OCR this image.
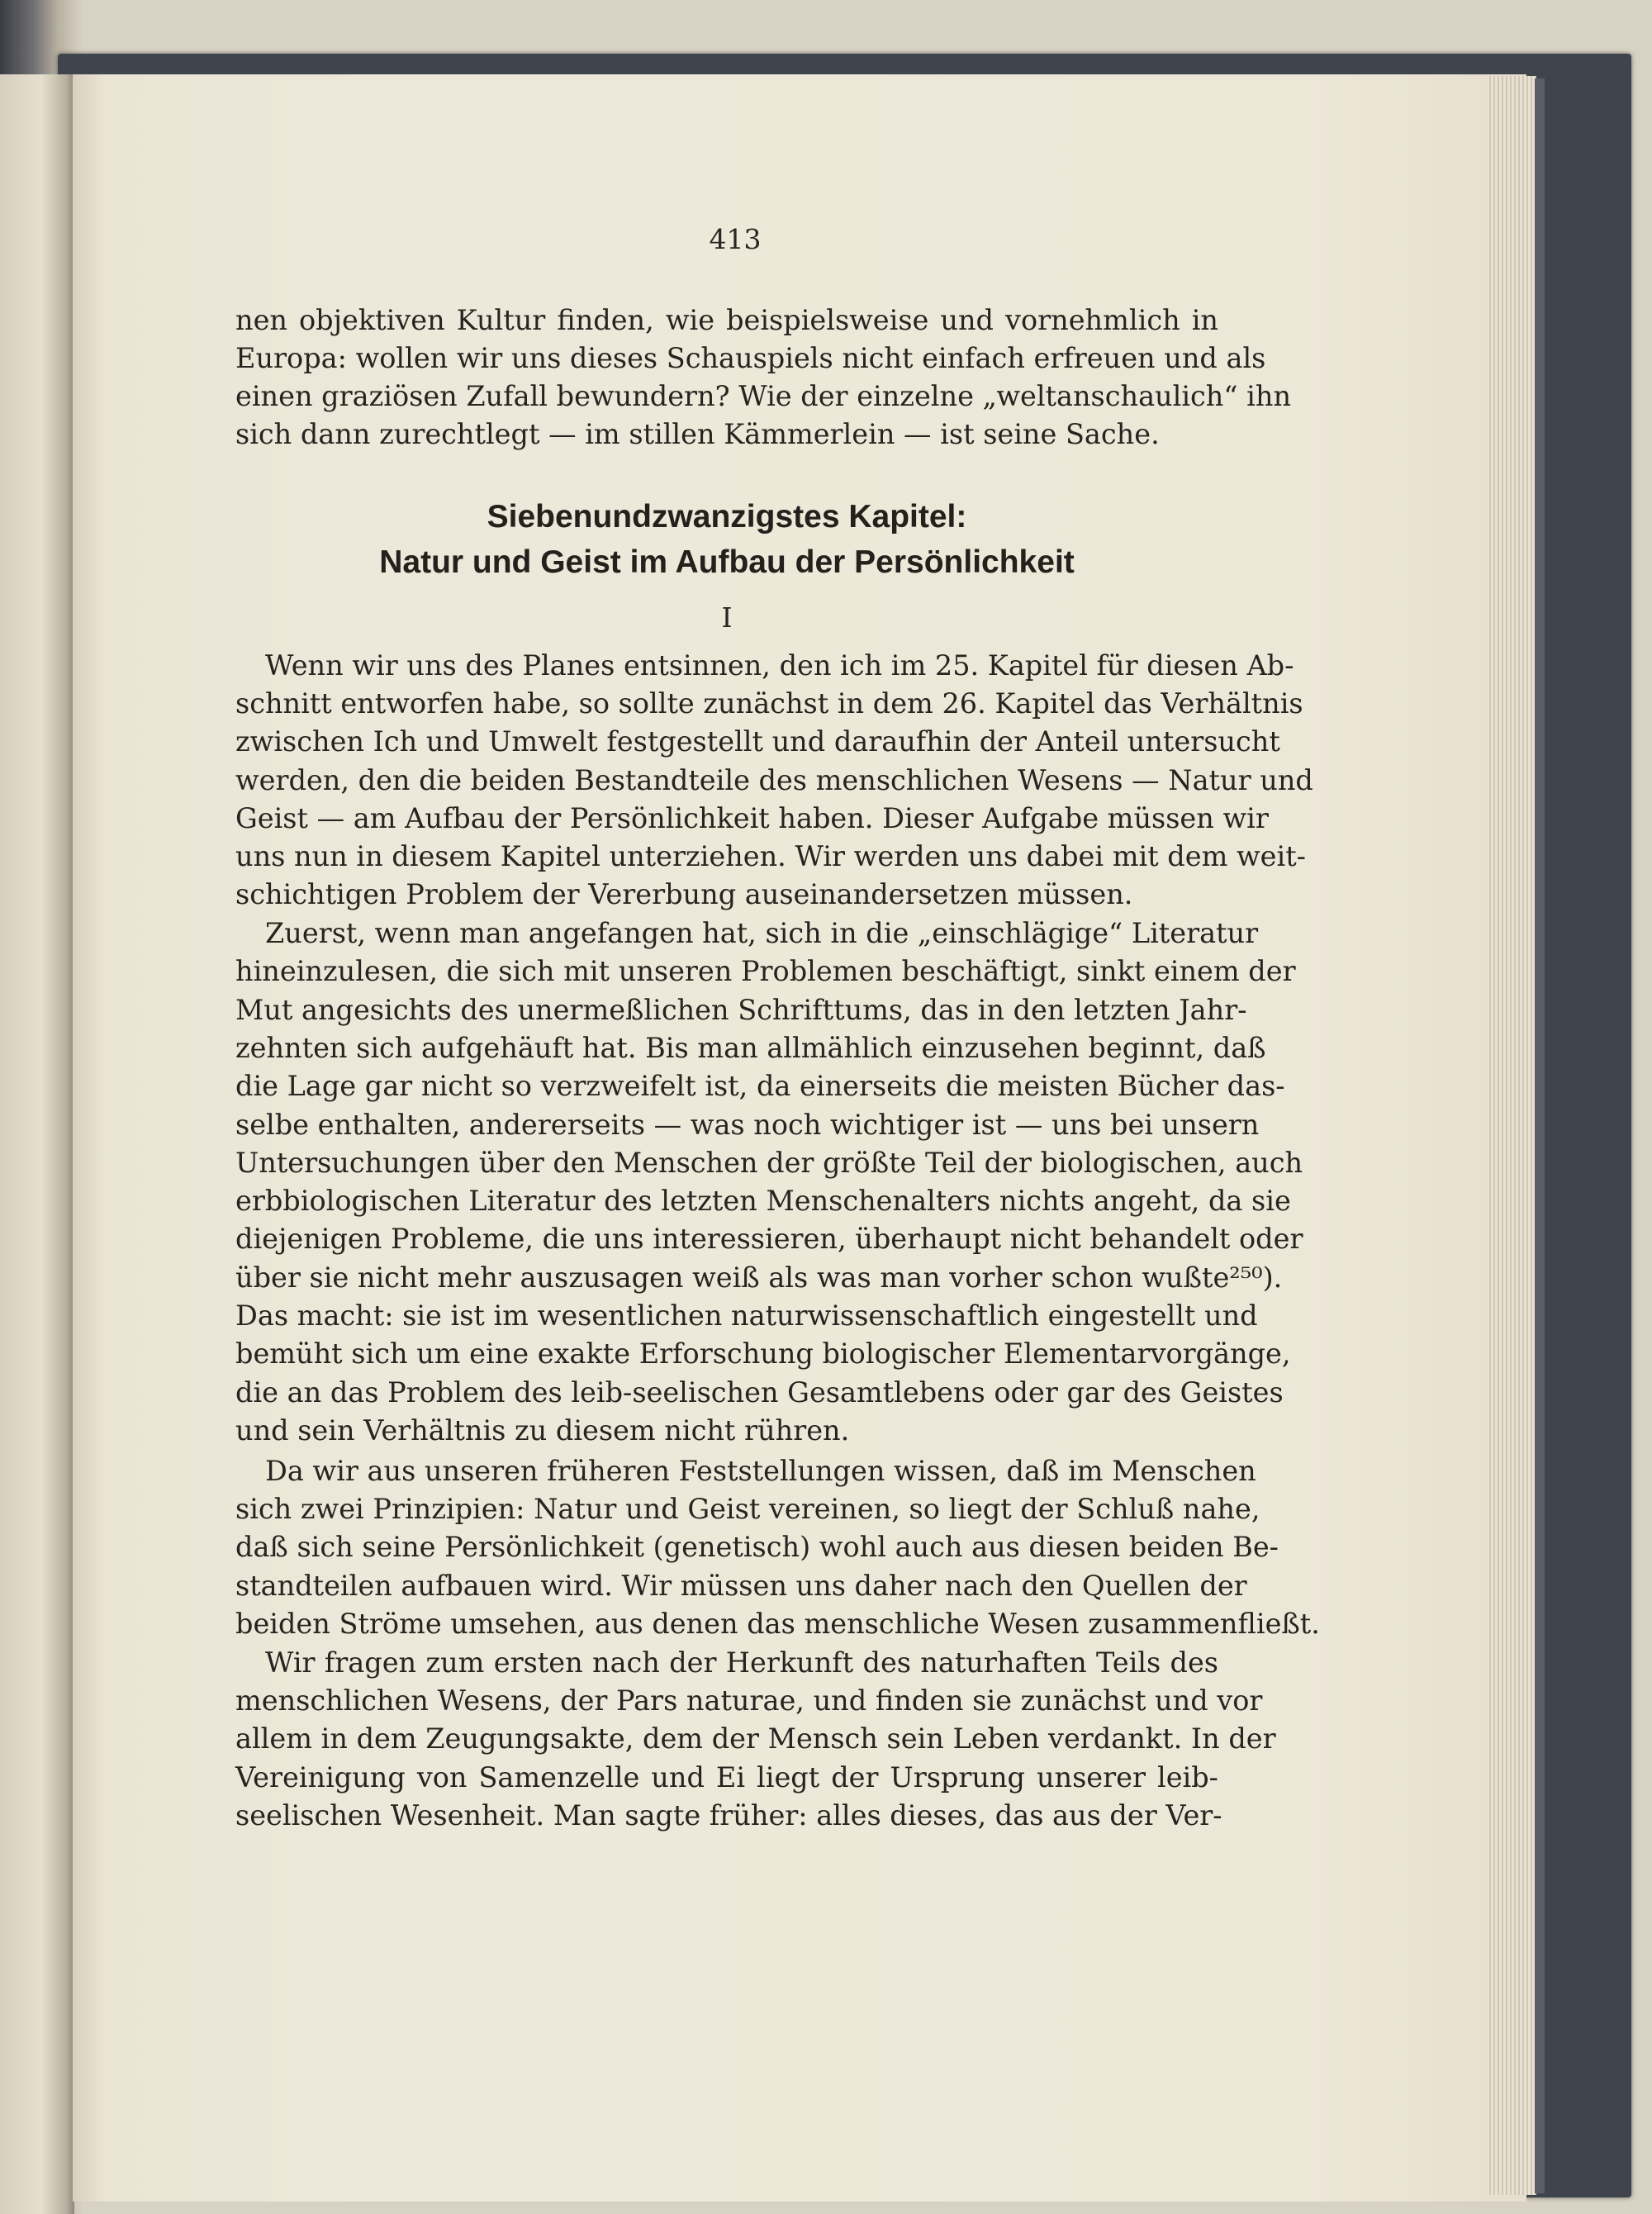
413
nen objektiven Kultur finden, wie beispielsweise und vornehmlich in
Europa: wollen wir uns dieses Schauspiels nicht einfach erfreuen und als
einen graziösen Zufall bewundern? Wie der einzelne „weltanschaulich“ ihn
sich dann zurechtlegt — im stillen Kämmerlein — ist seine Sache.
Wenn wir uns des Planes entsinnen, den ich im 25. Kapitel für diesen Ab-
schnitt entworfen habe, so sollte zunächst in dem 26. Kapitel das Verhältnis
zwischen Ich und Umwelt festgestellt und daraufhin der Anteil untersucht
werden, den die beiden Bestandteile des menschlichen Wesens — Natur und
Geist — am Aufbau der Persönlichkeit haben. Dieser Aufgabe müssen wir
uns nun in diesem Kapitel unterziehen. Wir werden uns dabei mit dem weit-
schichtigen Problem der Vererbung auseinandersetzen müssen.
Zuerst, wenn man angefangen hat, sich in die „einschlägige“ Literatur
hineinzulesen, die sich mit unseren Problemen beschäftigt, sinkt einem der
Mut angesichts des unermeßlichen Schrifttums, das in den letzten Jahr-
zehnten sich aufgehäuft hat. Bis man allmählich einzusehen beginnt, daß
die Lage gar nicht so verzweifelt ist, da einerseits die meisten Bücher das-
selbe enthalten, andererseits — was noch wichtiger ist — uns bei unsern
Untersuchungen über den Menschen der größte Teil der biologischen, auch
erbbiologischen Literatur des letzten Menschenalters nichts angeht, da sie
diejenigen Probleme, die uns interessieren, überhaupt nicht behandelt oder
über sie nicht mehr auszusagen weiß als was man vorher schon wußte²⁵⁰).
Das macht: sie ist im wesentlichen naturwissenschaftlich eingestellt und
bemüht sich um eine exakte Erforschung biologischer Elementarvorgänge,
die an das Problem des leib-seelischen Gesamtlebens oder gar des Geistes
und sein Verhältnis zu diesem nicht rühren.
Da wir aus unseren früheren Feststellungen wissen, daß im Menschen
sich zwei Prinzipien: Natur und Geist vereinen, so liegt der Schluß nahe,
daß sich seine Persönlichkeit (genetisch) wohl auch aus diesen beiden Be-
standteilen aufbauen wird. Wir müssen uns daher nach den Quellen der
beiden Ströme umsehen, aus denen das menschliche Wesen zusammenfließt.
Wir fragen zum ersten nach der Herkunft des naturhaften Teils des
menschlichen Wesens, der Pars naturae, und finden sie zunächst und vor
allem in dem Zeugungsakte, dem der Mensch sein Leben verdankt. In der
Vereinigung von Samenzelle und Ei liegt der Ursprung unserer leib-
seelischen Wesenheit. Man sagte früher: alles dieses, das aus der Ver-
Siebenundzwanzigstes Kapitel:
Natur und Geist im Aufbau der Persönlichkeit
I
